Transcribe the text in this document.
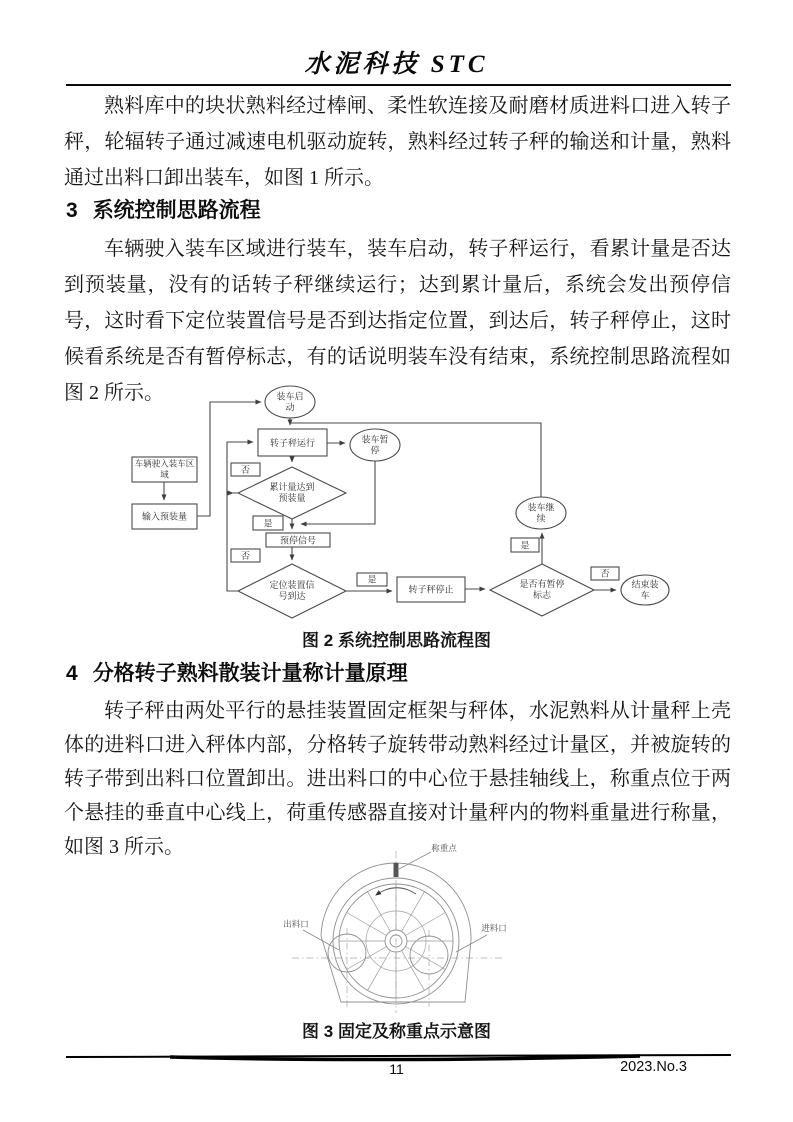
水泥科技 STC
熟料库中的块状熟料经过棒闸、柔性软连接及耐磨材质进料口进入转子秤，轮辐转子通过减速电机驱动旋转，熟料经过转子秤的输送和计量，熟料通过出料口卸出装车，如图 1 所示。
3 系统控制思路流程
车辆驶入装车区域进行装车，装车启动，转子秤运行，看累计量是否达到预装量，没有的话转子秤继续运行；达到累计量后，系统会发出预停信号，这时看下定位装置信号是否到达指定位置，到达后，转子秤停止，这时候看系统是否有暂停标志，有的话说明装车没有结束，系统控制思路流程如图 2 所示。	装车启动
车辆驶入装车区域
输入预装量
转子秤运行	装车暂停
累计量达到预装量
否
是
预停信号
否
定位装置信号到达
是
转子秤停止
是否有暂停标志
是
装车继续
否
结束装车
图 2 系统控制思路流程图
4 分格转子熟料散装计量称计量原理
转子秤由两处平行的悬挂装置固定框架与秤体，水泥熟料从计量秤上壳体的进料口进入秤体内部，分格转子旋转带动熟料经过计量区，并被旋转的转子带到出料口位置卸出。进出料口的中心位于悬挂轴线上，称重点位于两个悬挂的垂直中心线上，荷重传感器直接对计量秤内的物料重量进行称量，如图 3 所示。	称重点
出料口	进料口
图 3 固定及称重点示意图
11	2023.No.3
